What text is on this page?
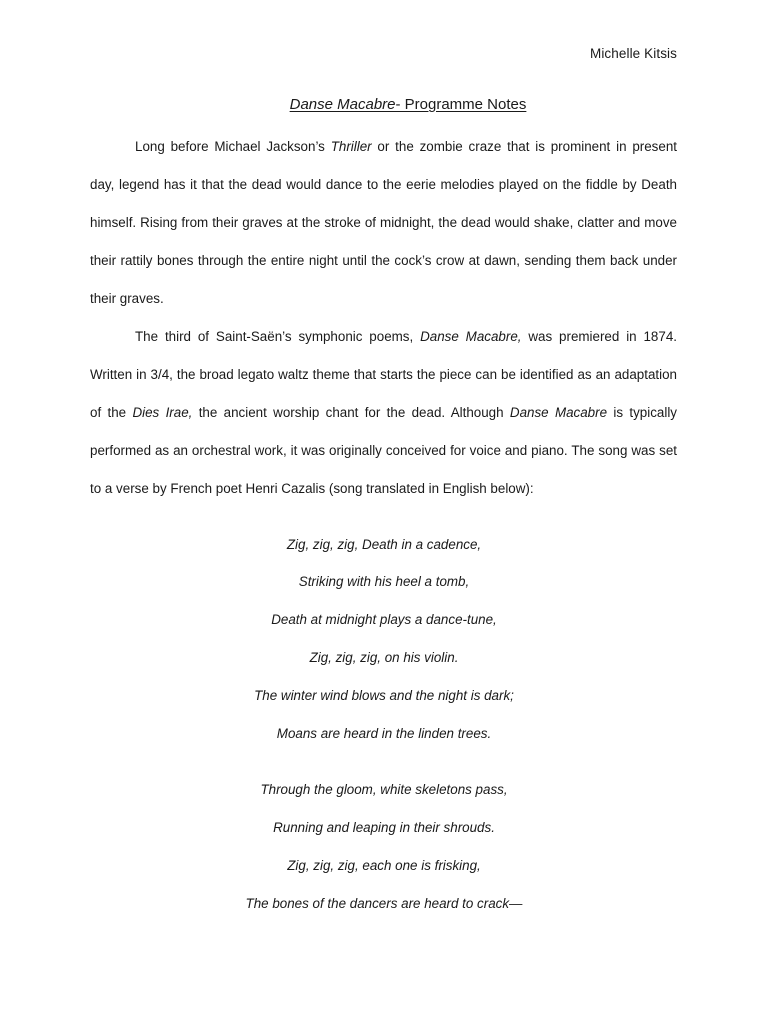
Michelle Kitsis
Danse Macabre- Programme Notes

Long before Michael Jackson’s Thriller or the zombie craze that is prominent in present day, legend has it that the dead would dance to the eerie melodies played on the fiddle by Death himself. Rising from their graves at the stroke of midnight, the dead would shake, clatter and move their rattily bones through the entire night until the cock’s crow at dawn, sending them back under their graves.

The third of Saint-Saën’s symphonic poems, Danse Macabre, was premiered in 1874. Written in 3/4, the broad legato waltz theme that starts the piece can be identified as an adaptation of the Dies Irae, the ancient worship chant for the dead. Although Danse Macabre is typically performed as an orchestral work, it was originally conceived for voice and piano. The song was set to a verse by French poet Henri Cazalis (song translated in English below):

Zig, zig, zig, Death in a cadence,
Striking with his heel a tomb,
Death at midnight plays a dance-tune,
Zig, zig, zig, on his violin.
The winter wind blows and the night is dark;
Moans are heard in the linden trees.
Through the gloom, white skeletons pass,
Running and leaping in their shrouds.
Zig, zig, zig, each one is frisking,
The bones of the dancers are heard to crack—
